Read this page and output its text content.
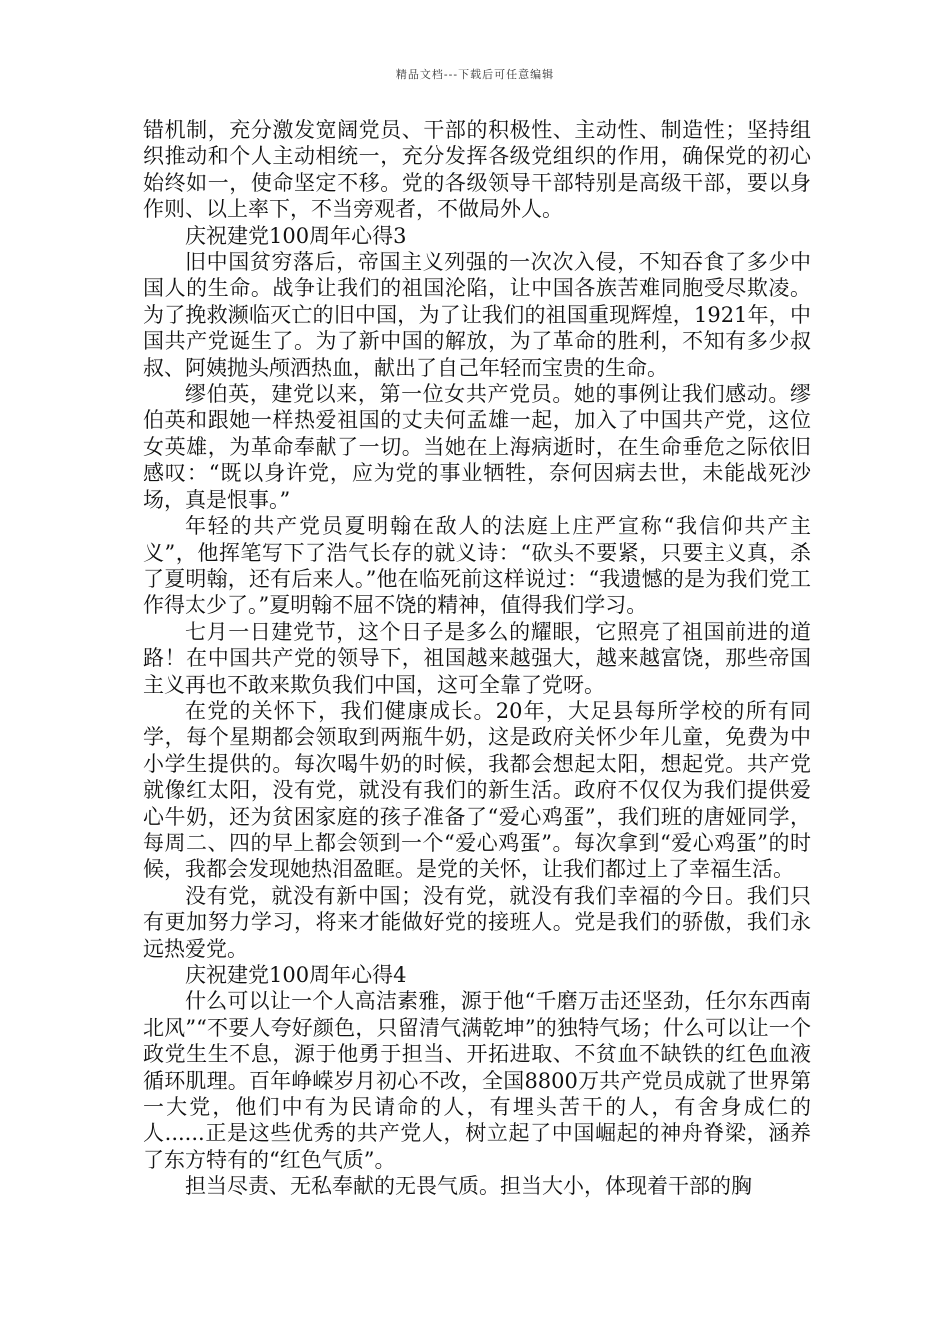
精品文档---下载后可任意编辑

错机制，充分激发宽阔党员、干部的积极性、主动性、制造性；坚持组织推动和个人主动相统一，充分发挥各级党组织的作用，确保党的初心始终如一，使命坚定不移。党的各级领导干部特别是高级干部，要以身作则、以上率下，不当旁观者，不做局外人。

庆祝建党100周年心得3

旧中国贫穷落后，帝国主义列强的一次次入侵，不知吞食了多少中国人的生命。战争让我们的祖国沦陷，让中国各族苦难同胞受尽欺凌。为了挽救濒临灭亡的旧中国，为了让我们的祖国重现辉煌，1921年，中国共产党诞生了。为了新中国的解放，为了革命的胜利，不知有多少叔叔、阿姨抛头颅洒热血，献出了自己年轻而宝贵的生命。

缪伯英，建党以来，第一位女共产党员。她的事例让我们感动。缪伯英和跟她一样热爱祖国的丈夫何孟雄一起，加入了中国共产党，这位女英雄，为革命奉献了一切。当她在上海病逝时，在生命垂危之际依旧感叹：“既以身许党，应为党的事业牺牲，奈何因病去世，未能战死沙场，真是恨事。”

年轻的共产党员夏明翰在敌人的法庭上庄严宣称“我信仰共产主义”，他挥笔写下了浩气长存的就义诗：“砍头不要紧，只要主义真，杀了夏明翰，还有后来人。”他在临死前这样说过：“我遗憾的是为我们党工作得太少了。”夏明翰不屈不饶的精神，值得我们学习。

七月一日建党节，这个日子是多么的耀眼，它照亮了祖国前进的道路！在中国共产党的领导下，祖国越来越强大，越来越富饶，那些帝国主义再也不敢来欺负我们中国，这可全靠了党呀。

在党的关怀下，我们健康成长。20年，大足县每所学校的所有同学，每个星期都会领取到两瓶牛奶，这是政府关怀少年儿童，免费为中小学生提供的。每次喝牛奶的时候，我都会想起太阳，想起党。共产党就像红太阳，没有党，就没有我们的新生活。政府不仅仅为我们提供爱心牛奶，还为贫困家庭的孩子准备了“爱心鸡蛋”，我们班的唐娅同学，每周二、四的早上都会领到一个“爱心鸡蛋”。每次拿到“爱心鸡蛋”的时候，我都会发现她热泪盈眶。是党的关怀，让我们都过上了幸福生活。

没有党，就没有新中国；没有党，就没有我们幸福的今日。我们只有更加努力学习，将来才能做好党的接班人。党是我们的骄傲，我们永远热爱党。

庆祝建党100周年心得4

什么可以让一个人高洁素雅，源于他“千磨万击还坚劲，任尔东西南北风”“不要人夸好颜色，只留清气满乾坤”的独特气场；什么可以让一个政党生生不息，源于他勇于担当、开拓进取、不贫血不缺铁的红色血液循环肌理。百年峥嵘岁月初心不改，全国8800万共产党员成就了世界第一大党，他们中有为民请命的人，有埋头苦干的人，有舍身成仁的人......正是这些优秀的共产党人，树立起了中国崛起的神舟脊梁，涵养了东方特有的“红色气质”。

担当尽责、无私奉献的无畏气质。担当大小，体现着干部的胸
